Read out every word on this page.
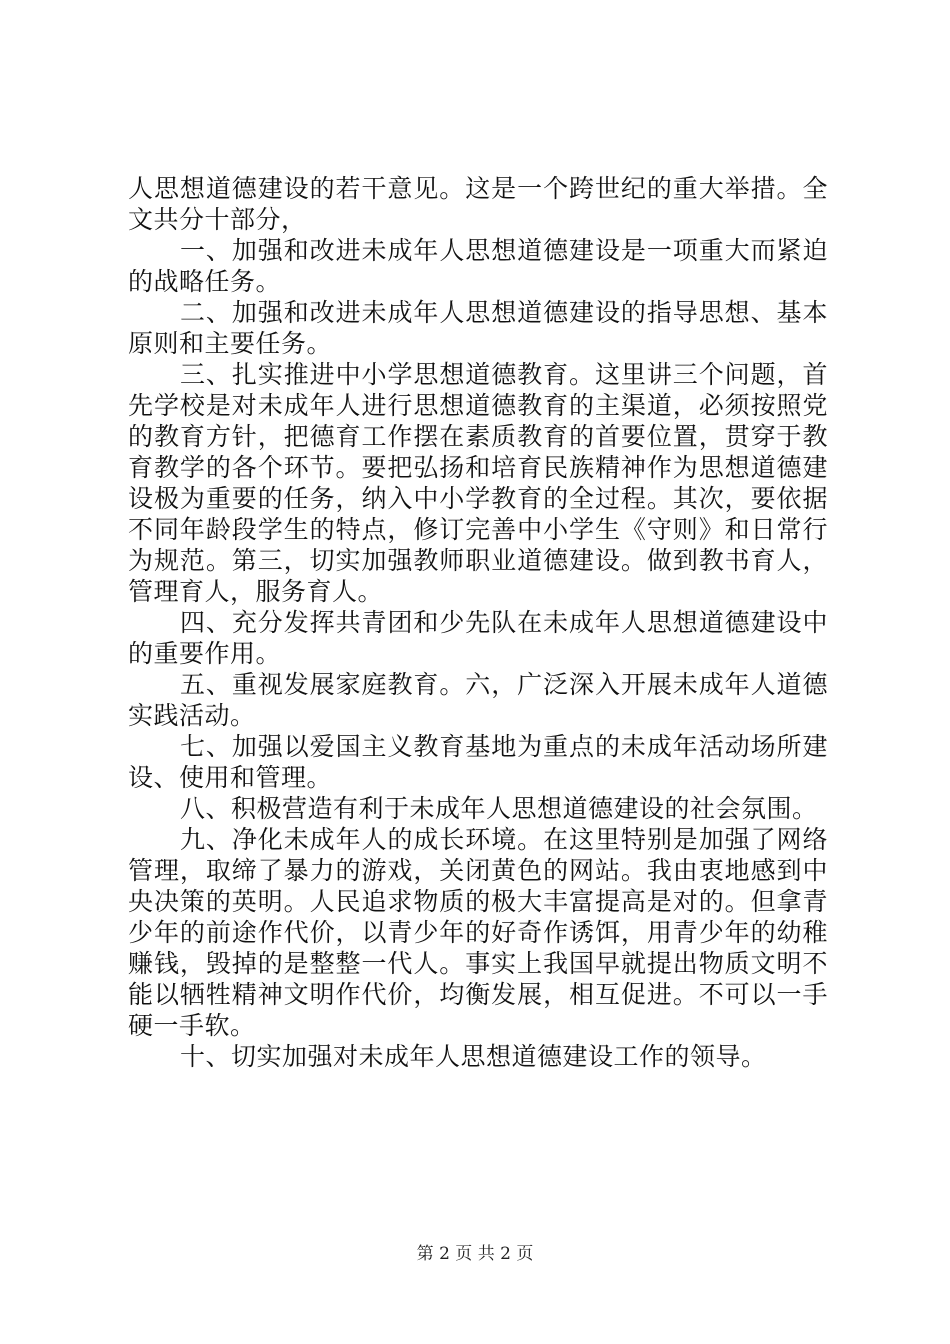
人思想道德建设的若干意见。这是一个跨世纪的重大举措。全文共分十部分，

一、加强和改进未成年人思想道德建设是一项重大而紧迫的战略任务。

二、加强和改进未成年人思想道德建设的指导思想、基本原则和主要任务。

三、扎实推进中小学思想道德教育。这里讲三个问题，首先学校是对未成年人进行思想道德教育的主渠道，必须按照党的教育方针，把德育工作摆在素质教育的首要位置，贯穿于教育教学的各个环节。要把弘扬和培育民族精神作为思想道德建设极为重要的任务，纳入中小学教育的全过程。其次，要依据不同年龄段学生的特点，修订完善中小学生《守则》和日常行为规范。第三，切实加强教师职业道德建设。做到教书育人，管理育人，服务育人。

四、充分发挥共青团和少先队在未成年人思想道德建设中的重要作用。

五、重视发展家庭教育。六，广泛深入开展未成年人道德实践活动。

七、加强以爱国主义教育基地为重点的未成年活动场所建设、使用和管理。

八、积极营造有利于未成年人思想道德建设的社会氛围。

九、净化未成年人的成长环境。在这里特别是加强了网络管理，取缔了暴力的游戏，关闭黄色的网站。我由衷地感到中央决策的英明。人民追求物质的极大丰富提高是对的。但拿青少年的前途作代价，以青少年的好奇作诱饵，用青少年的幼稚赚钱，毁掉的是整整一代人。事实上我国早就提出物质文明不能以牺牲精神文明作代价，均衡发展，相互促进。不可以一手硬一手软。

十、切实加强对未成年人思想道德建设工作的领导。

第 2 页 共 2 页
